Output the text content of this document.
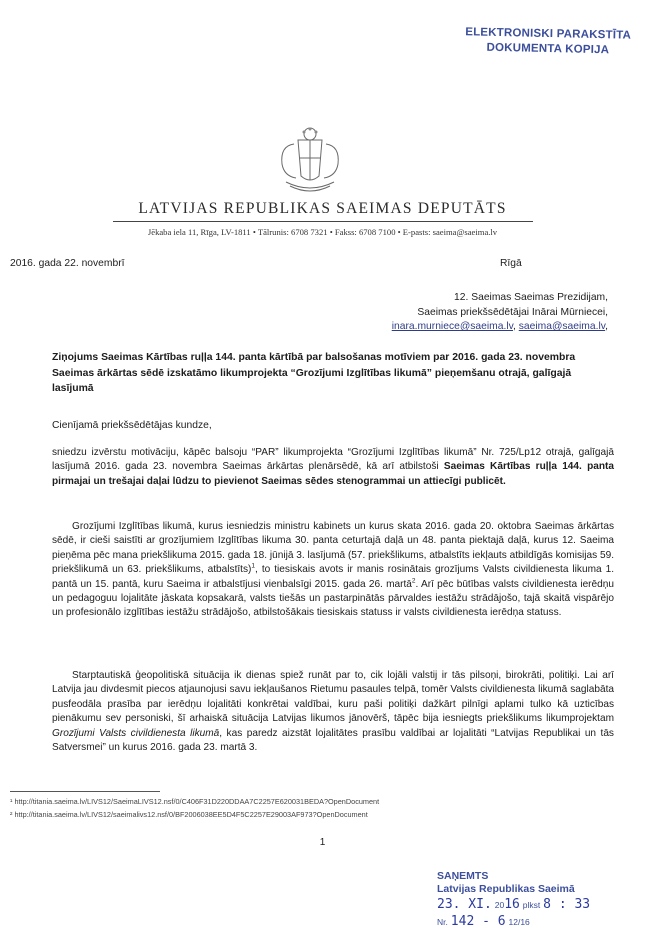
ELEKTRONISKI PARAKSTĪTA
DOKUMENTA KOPIJA
LATVIJAS REPUBLIKAS SAEIMAS DEPUTĀTS
Jēkaba iela 11, Rīga, LV-1811 • Tālrunis: 6708 7321 • Fakss: 6708 7100 • E-pasts: saeima@saeima.lv
2016. gada 22. novembrī	Rīgā
12. Saeimas Saeimas Prezidijam,
Saeimas priekšsēdētājai Inārai Mūrniecei,
inara.murniece@saeima.lv, saeima@saeima.lv,
Ziņojums Saeimas Kārtības ruļļa 144. panta kārtībā par balsošanas motīviem par 2016. gada 23. novembra Saeimas ārkārtas sēdē izskatāmo likumprojekta “Grozījumi Izglītības likumā” pieņemšanu otrajā, galīgajā lasījumā
Cienījamā priekšsēdētājas kundze,
sniedzu izvērstu motivāciju, kāpēc balsoju “PAR” likumprojekta “Grozījumi Izglītības likumā” Nr. 725/Lp12 otrajā, galīgajā lasījumā 2016. gada 23. novembra Saeimas ārkārtas plenārsēdē, kā arī atbilstoši Saeimas Kārtības ruļļa 144. panta pirmajai un trešajai daļai lūdzu to pievienot Saeimas sēdes stenogrammai un attiecīgi publicēt.
Grozījumi Izglītības likumā, kurus iesniedzis ministru kabinets un kurus skata 2016. gada 20. oktobra Saeimas ārkārtas sēdē, ir cieši saistīti ar grozījumiem Izglītības likuma 30. panta ceturtajā daļā un 48. panta piektajā daļā, kurus 12. Saeima pieņēma pēc mana priekšlikuma 2015. gada 18. jūnijā 3. lasījumā (57. priekšlikums, atbalstīts iekļauts atbildīgās komisijas 59. priekšlikumā un 63. priekšlikums, atbalstīts)$^1$, to tiesiskais avots ir manis rosinātais grozījums Valsts civildienesta likuma 1. pantā un 15. pantā, kuru Saeima ir atbalstījusi vienbalsīgi 2015. gada 26. martā$^2$. Arī pēc būtības valsts civildienesta ierēdņu un pedagoguu lojalitāte jāskata kopsakarā, valsts tiešās un pastarpinātās pārvaldes iestāžu strādājošo, tajā skaitā vispārējo un profesionālo izglītības iestāžu strādājošo, atbilstošākais tiesiskais statuss ir valsts civildienesta ierēdņa statuss.
Starptautiskā ģeopolitiskā situācija ik dienas spiež runāt par to, cik lojāli valstij ir tās pilsoņi, birokrāti, politiķi. Lai arī Latvija jau divdesmit piecos atjaunojusi savu iekļaušanos Rietumu pasaules telpā, tomēr Valsts civildienesta likumā saglabāta pusfeodāla prasība par ierēdņu lojalitāti konkrētai valdībai, kuru paši politiķi dažkārt pilnīgi aplami tulko kā uzticības pienākumu sev personiski, šī arhaiskā situācija Latvijas likumos jānovērš, tāpēc bija iesniegts priekšlikums likumprojektam Grozījumi Valsts civildienesta likumā, kas paredz aizstāt lojalitātes prasību valdībai ar lojalitāti “Latvijas Republikai un tās Satversmei” un kurus 2016. gada 23. martā 3.
¹ http://titania.saeima.lv/LIVS12/SaeimaLIVS12.nsf/0/C406F31D220DDAA7C2257E620031BEDA?OpenDocument
² http://titania.saeima.lv/LIVS12/saeimalivs12.nsf/0/BF2006038EE5D4F5C2257E29003AF973?OpenDocument
1
SAŅEMTS
Latvijas Republikas Saeimā
23. XI. 2016 plkst 8 : 33
Nr. 142 - 6 12/16
